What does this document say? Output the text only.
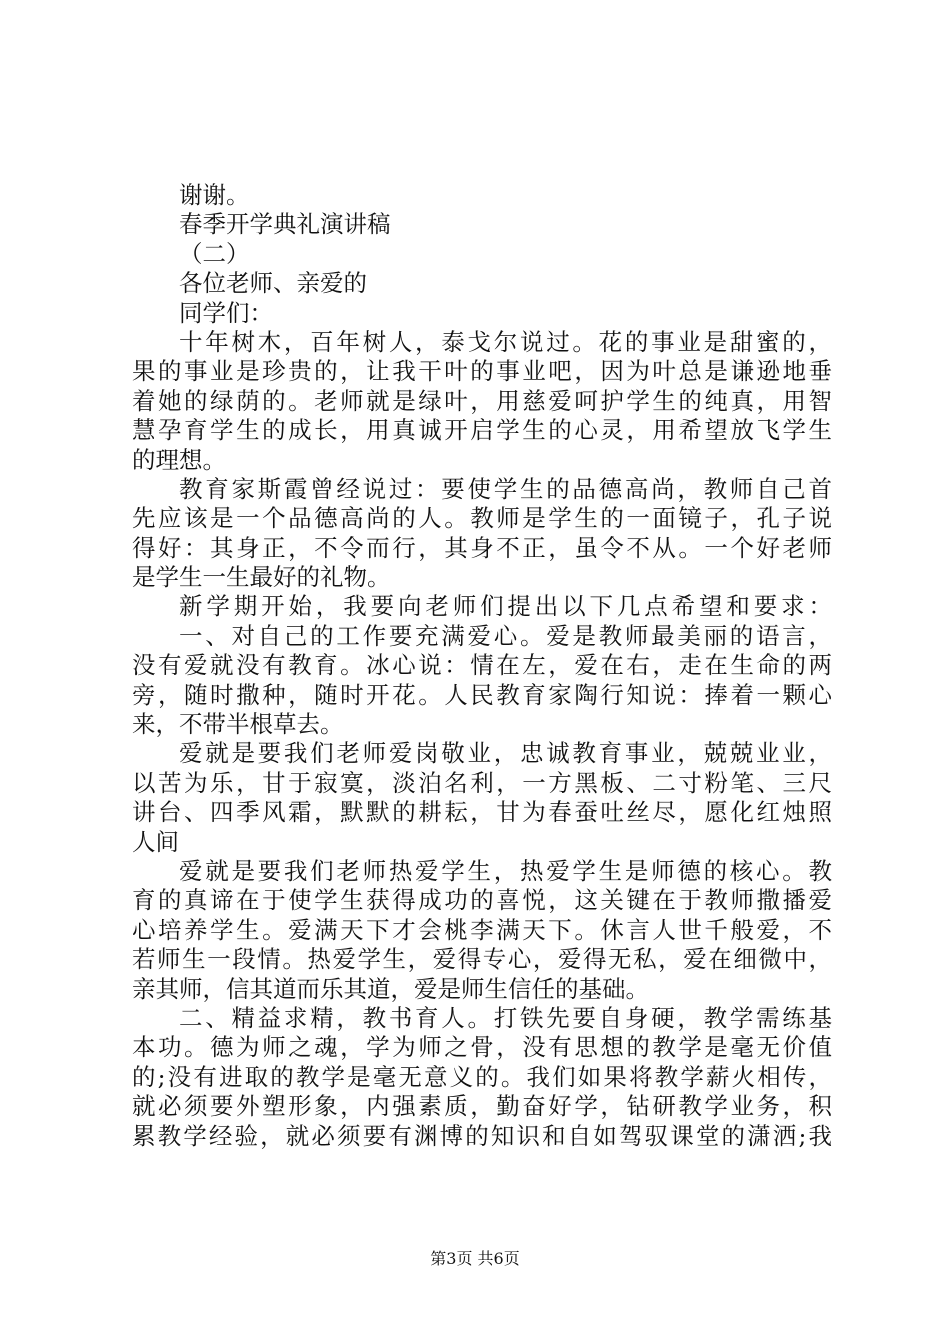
谢谢。
春季开学典礼演讲稿
（二）
各位老师、亲爱的
同学们：
十年树木，百年树人，泰戈尔说过。花的事业是甜蜜的，
果的事业是珍贵的，让我干叶的事业吧，因为叶总是谦逊地垂
着她的绿荫的。老师就是绿叶，用慈爱呵护学生的纯真，用智
慧孕育学生的成长，用真诚开启学生的心灵，用希望放飞学生
的理想。
教育家斯霞曾经说过：要使学生的品德高尚，教师自己首
先应该是一个品德高尚的人。教师是学生的一面镜子，孔子说
得好：其身正，不令而行，其身不正，虽令不从。一个好老师
是学生一生最好的礼物。
新学期开始，我要向老师们提出以下几点希望和要求：
一、对自己的工作要充满爱心。爱是教师最美丽的语言，
没有爱就没有教育。冰心说：情在左，爱在右，走在生命的两
旁，随时撒种，随时开花。人民教育家陶行知说：捧着一颗心
来，不带半根草去。
爱就是要我们老师爱岗敬业，忠诚教育事业，兢兢业业，
以苦为乐，甘于寂寞，淡泊名利，一方黑板、二寸粉笔、三尺
讲台、四季风霜，默默的耕耘，甘为春蚕吐丝尽，愿化红烛照
人间
爱就是要我们老师热爱学生，热爱学生是师德的核心。教
育的真谛在于使学生获得成功的喜悦，这关键在于教师撒播爱
心培养学生。爱满天下才会桃李满天下。休言人世千般爱，不
若师生一段情。热爱学生，爱得专心，爱得无私，爱在细微中，
亲其师，信其道而乐其道，爱是师生信任的基础。
二、精益求精，教书育人。打铁先要自身硬，教学需练基
本功。德为师之魂，学为师之骨，没有思想的教学是毫无价值
的;没有进取的教学是毫无意义的。我们如果将教学薪火相传，
就必须要外塑形象，内强素质，勤奋好学，钻研教学业务，积
累教学经验，就必须要有渊博的知识和自如驾驭课堂的潇洒;我
第3页 共6页
